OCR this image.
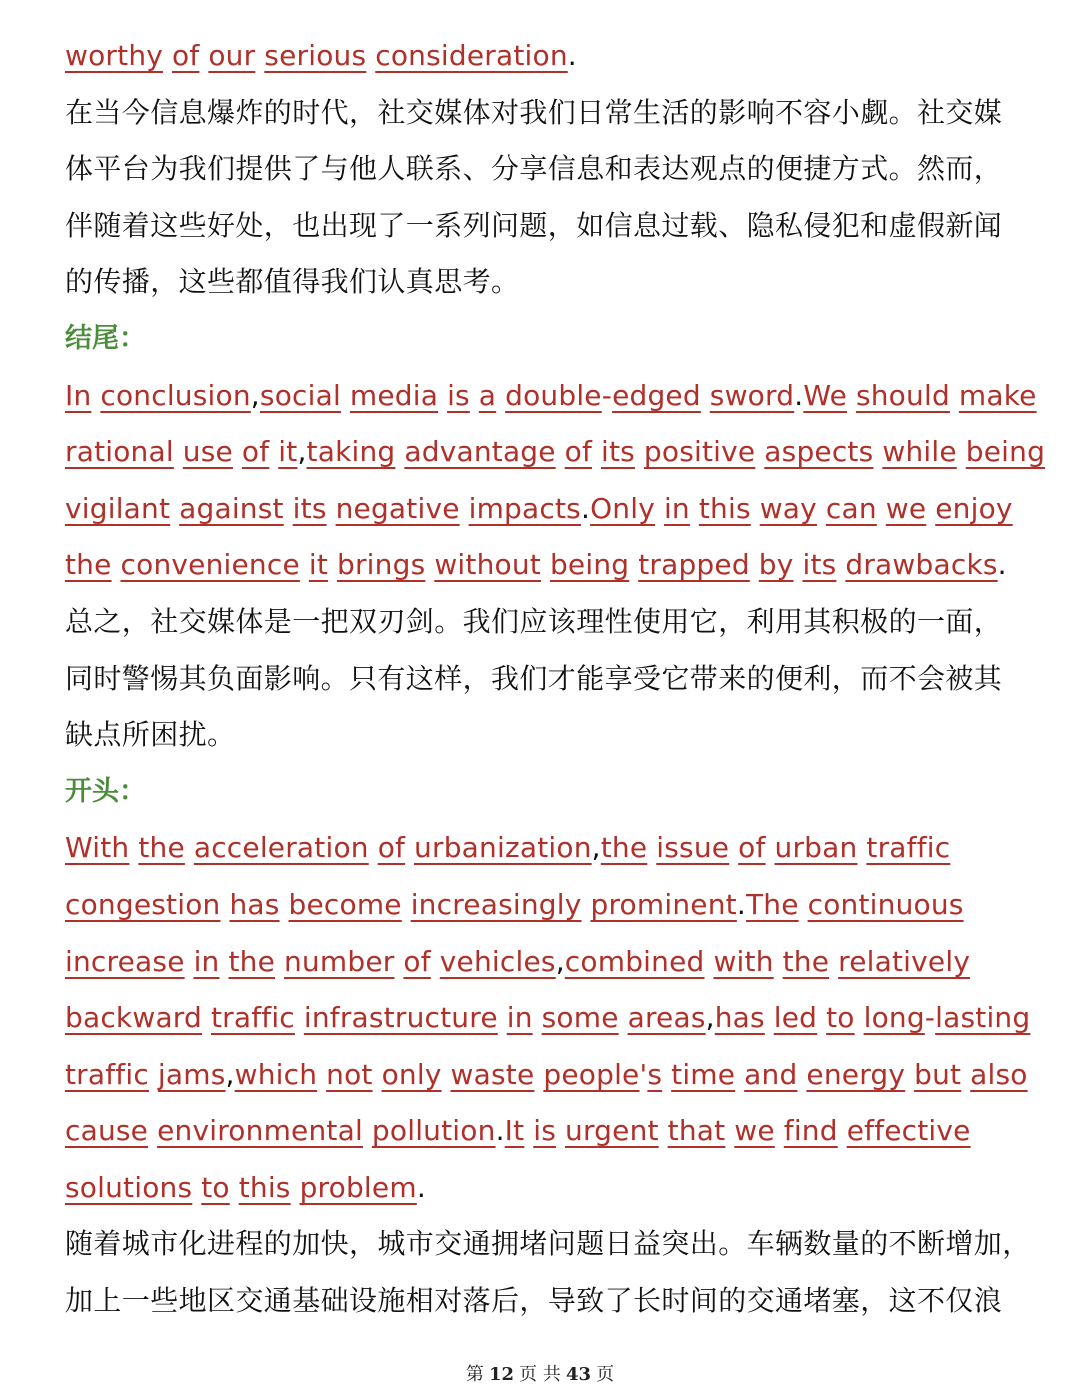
worthy of our serious consideration.
在当今信息爆炸的时代，社交媒体对我们日常生活的影响不容小觑。社交媒
体平台为我们提供了与他人联系、分享信息和表达观点的便捷方式。然而，
伴随着这些好处，也出现了一系列问题，如信息过载、隐私侵犯和虚假新闻
的传播，这些都值得我们认真思考。
结尾：
In conclusion,social media is a double-edged sword.We should make
rational use of it,taking advantage of its positive aspects while being
vigilant against its negative impacts.Only in this way can we enjoy
the convenience it brings without being trapped by its drawbacks.
总之，社交媒体是一把双刃剑。我们应该理性使用它，利用其积极的一面，
同时警惕其负面影响。只有这样，我们才能享受它带来的便利，而不会被其
缺点所困扰。
开头：
With the acceleration of urbanization,the issue of urban traffic
congestion has become increasingly prominent.The continuous
increase in the number of vehicles,combined with the relatively
backward traffic infrastructure in some areas,has led to long-lasting
traffic jams,which not only waste people's time and energy but also
cause environmental pollution.It is urgent that we find effective
solutions to this problem.
随着城市化进程的加快，城市交通拥堵问题日益突出。车辆数量的不断增加，
加上一些地区交通基础设施相对落后，导致了长时间的交通堵塞，这不仅浪
第 12 页 共 43 页
